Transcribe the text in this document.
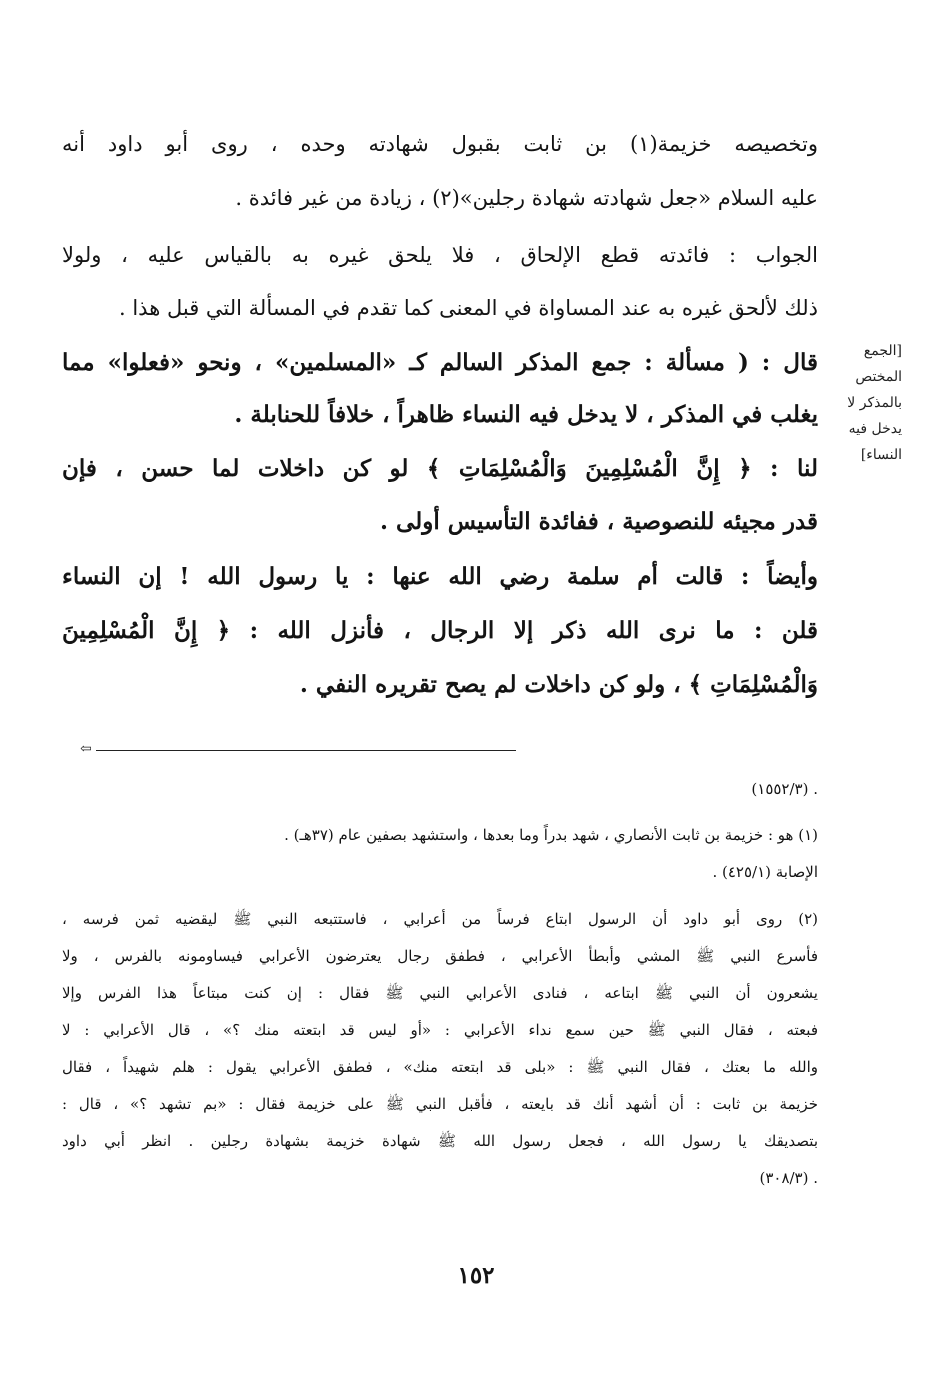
وتخصيصه خزيمة(١) بن ثابت بقبول شهادته وحده ، روى أبو داود أنه
عليه السلام «جعل شهادته شهادة رجلين»(٢) ، زيادة من غير فائدة .
الجواب : فائدته قطع الإلحاق ، فلا يلحق غيره به بالقياس عليه ، ولولا
ذلك لألحق غيره به عند المساواة في المعنى كما تقدم في المسألة التي قبل هذا .
قال : ( مسألة : جمع المذكر السالم كـ «المسلمين» ، ونحو «فعلوا» مما
يغلب في المذكر ، لا يدخل فيه النساء ظاهراً ، خلافاً للحنابلة .
لنا : ﴿ إِنَّ الْمُسْلِمِينَ وَالْمُسْلِمَاتِ ﴾ لو كن داخلات لما حسن ، فإن
قدر مجيئه للنصوصية ، ففائدة التأسيس أولى .
وأيضاً : قالت أم سلمة رضي الله عنها : يا رسول الله ! إن النساء
قلن : ما نرى الله ذكر إلا الرجال ، فأنزل الله : ﴿ إِنَّ الْمُسْلِمِينَ
وَالْمُسْلِمَاتِ ﴾ ، ولو كن داخلات لم يصح تقريره النفي .
[الجمع
المختص
بالمذكر لا
يدخل فيه
النساء]
⇦
. (١٥٥٢/٣)
(١) هو : خزيمة بن ثابت الأنصاري ، شهد بدراً وما بعدها ، واستشهد بصفين عام (٣٧هـ) .
الإصابة (٤٢٥/١) .
(٢) روى أبو داود أن الرسول ابتاع فرساً من أعرابي ، فاستتبعه النبي ﷺ ليقضيه ثمن فرسه ،
فأسرع النبي ﷺ المشي وأبطأ الأعرابي ، فطفق رجال يعترضون الأعرابي فيساومونه بالفرس ، ولا
يشعرون أن النبي ﷺ ابتاعه ، فنادى الأعرابي النبي ﷺ فقال : إن كنت مبتاعاً هذا الفرس وإلا
فبعته ، فقال النبي ﷺ حين سمع نداء الأعرابي : «أو ليس قد ابتعته منك ؟» ، قال الأعرابي : لا
والله ما بعتك ، فقال النبي ﷺ : «بلى قد ابتعته منك» ، فطفق الأعرابي يقول : هلم شهيداً ، فقال
خزيمة بن ثابت : أن أشهد أنك قد بايعته ، فأقبل النبي ﷺ على خزيمة فقال : «بم تشهد ؟» ، قال :
بتصديقك يا رسول الله ، فجعل رسول الله ﷺ شهادة خزيمة بشهادة رجلين . انظر أبي داود
. (٣٠٨/٣)
١٥٢
